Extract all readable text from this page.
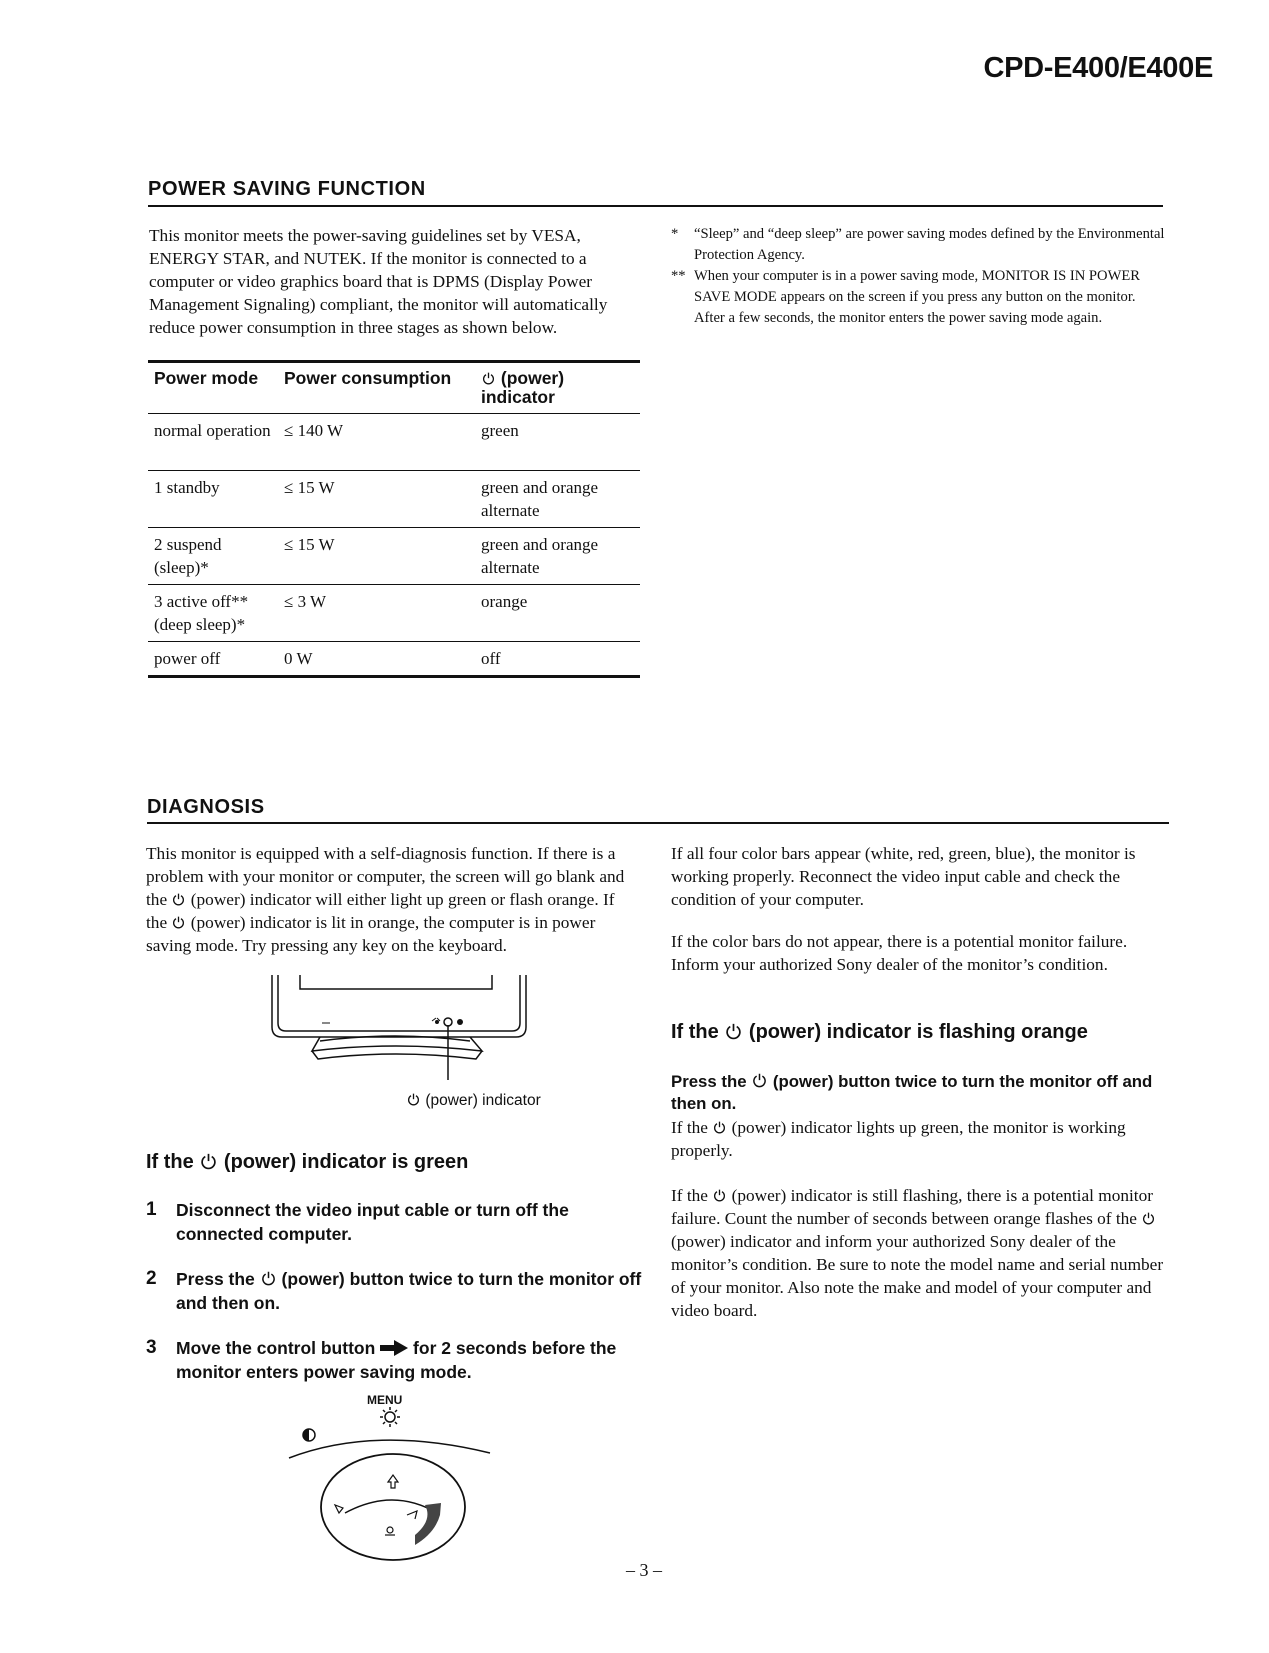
CPD-E400/E400E
POWER SAVING FUNCTION
This monitor meets the power-saving guidelines set by VESA, ENERGY STAR, and NUTEK. If the monitor is connected to a computer or video graphics board that is DPMS (Display Power Management Signaling) compliant, the monitor will automatically reduce power consumption in three stages as shown below.
* “Sleep” and “deep sleep” are power saving modes defined by the Environmental Protection Agency.
** When your computer is in a power saving mode, MONITOR IS IN POWER SAVE MODE appears on the screen if you press any button on the monitor. After a few seconds, the monitor enters the power saving mode again.
Power mode	Power consumption	(power) indicator
normal operation	≤ 140 W	green
1 standby	≤ 15 W	green and orange alternate
2 suspend (sleep)*	≤ 15 W	green and orange alternate
3 active off** (deep sleep)*	≤ 3 W	orange
power off	0 W	off
DIAGNOSIS
This monitor is equipped with a self-diagnosis function. If there is a problem with your monitor or computer, the screen will go blank and the (power) indicator will either light up green or flash orange. If the (power) indicator is lit in orange, the computer is in power saving mode. Try pressing any key on the keyboard.
(power) indicator
If the (power) indicator is green
1 Disconnect the video input cable or turn off the connected computer.
2 Press the (power) button twice to turn the monitor off and then on.
3 Move the control button for 2 seconds before the monitor enters power saving mode.
MENU
If all four color bars appear (white, red, green, blue), the monitor is working properly. Reconnect the video input cable and check the condition of your computer.
If the color bars do not appear, there is a potential monitor failure. Inform your authorized Sony dealer of the monitor’s condition.
If the (power) indicator is flashing orange
Press the (power) button twice to turn the monitor off and then on.
If the (power) indicator lights up green, the monitor is working properly.
If the (power) indicator is still flashing, there is a potential monitor failure. Count the number of seconds between orange flashes of the  (power) indicator and inform your authorized Sony dealer of the monitor’s condition. Be sure to note the model name and serial number of your monitor. Also note the make and model of your computer and video board.
– 3 –
